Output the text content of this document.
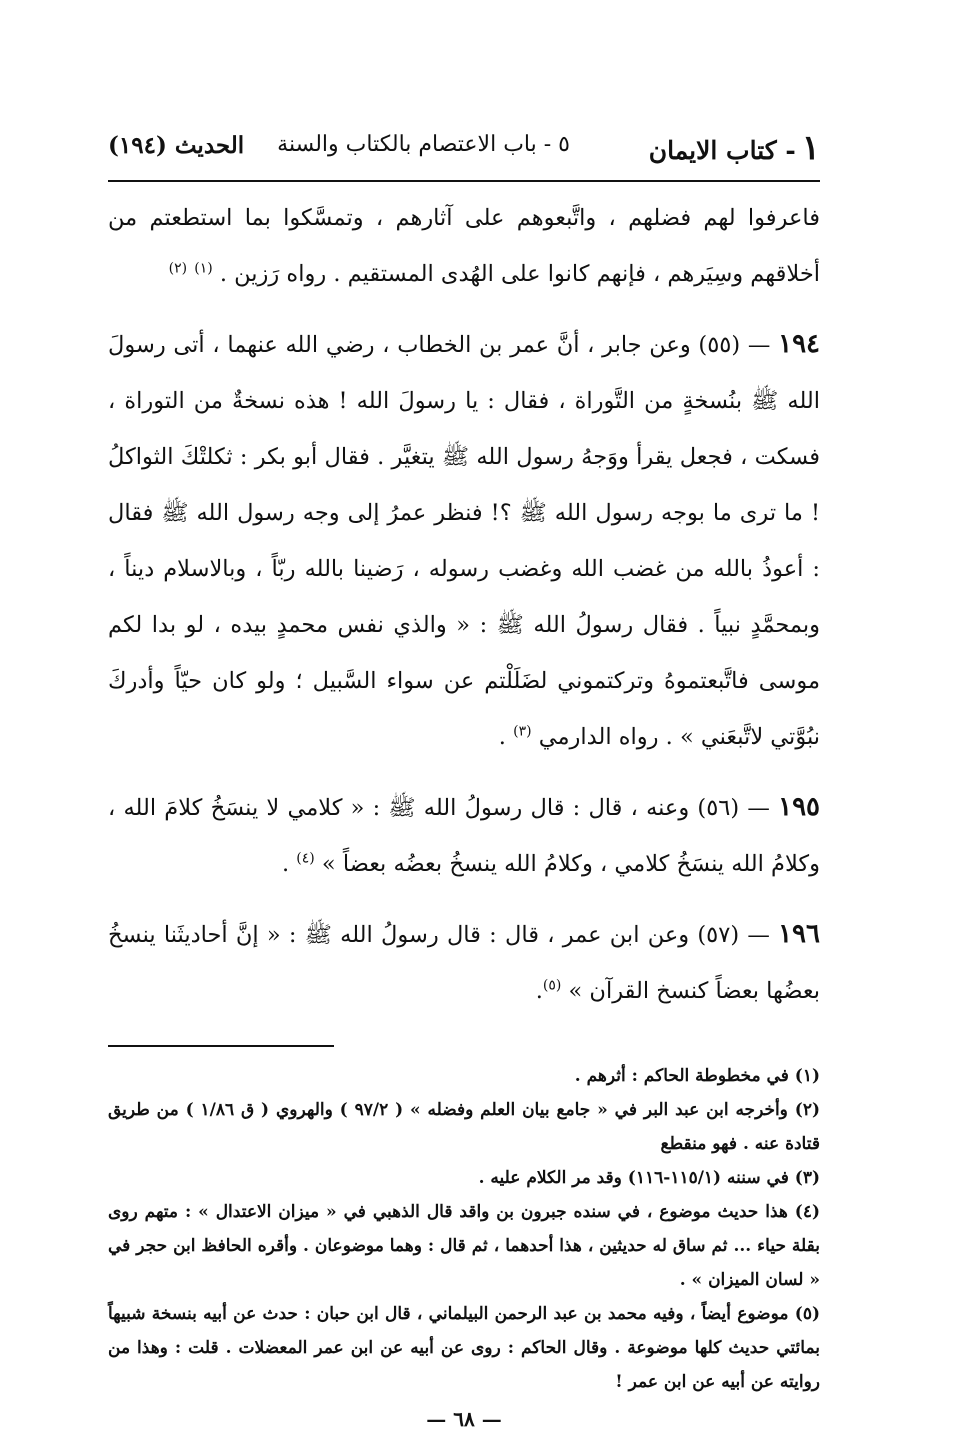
١- كتاب الايمان
٥ - باب الاعتصام بالكتاب والسنة
الحديث (١٩٤)

فاعرفوا لهم فضلهم ، واتَّبعوهم على آثارهم ، وتمسَّكوا بما استطعتم من أخلاقهم وسِيَرهم ، فإنهم كانوا على الهُدى المستقيم . رواه رَزين . $^{(١)}$ $^{(٢)}$

١٩٤ — (٥٥) وعن جابر ، أنَّ عمر بن الخطاب ، رضي الله عنهما ، أتى رسولَ الله ﷺ بنُسخةٍ من التَّوراة ، فقال : يا رسولَ الله ! هذه نسخةٌ من التوراة ، فسكت ، فجعل يقرأ ووَجهُ رسول الله ﷺ يتغيَّر . فقال أبو بكر : ثكلتْكَ الثواكلُ ! ما ترى ما بوجه رسول الله ﷺ ؟! فنظر عمرُ إلى وجه رسول الله ﷺ فقال : أعوذُ بالله من غضب الله وغضب رسوله ، رَضينا بالله ربّاً ، وبالاسلام ديناً ، وبمحمَّدٍ نبياً . فقال رسولُ الله ﷺ : « والذي نفس محمدٍ بيده ، لو بدا لكم موسى فاتَّبعتموهُ وتركتموني لضَلَلْتم عن سواء السَّبيل ؛ ولو كان حيّاً وأدركَ نبُوَّتي لاتَّبعَني » . رواه الدارمي $^{(٣)}$ .

١٩٥ — (٥٦) وعنه ، قال : قال رسولُ الله ﷺ : « كلامي لا ينسَخُ كلامَ الله ، وكلامُ الله ينسَخُ كلامي ، وكلامُ الله ينسخُ بعضُه بعضاً » $^{(٤)}$ .

١٩٦ — (٥٧) وعن ابن عمر ، قال : قال رسولُ الله ﷺ : « إنَّ أحاديثَنا ينسخُ بعضُها بعضاً كنسخ القرآن » $^{(٥)}$.

(١) في مخطوطة الحاكم : أثرهم .

(٢) وأخرجه ابن عبد البر في « جامع بيان العلم وفضله » ( ٩٧/٢ ) والهروي ( ق ١/٨٦ ) من طريق قتادة عنه . فهو منقطع

(٣) في سننه (١١٥/١-١١٦) وقد مر الكلام عليه .

(٤) هذا حديث موضوع ، في سنده جبرون بن واقد قال الذهبي في « ميزان الاعتدال » : متهم روى بقلة حياء ... ثم ساق له حديثين ، هذا أحدهما ، ثم قال : وهما موضوعان . وأقره الحافظ ابن حجر في « لسان الميزان » .

(٥) موضوع أيضاً ، وفيه محمد بن عبد الرحمن البيلماني ، قال ابن حبان : حدث عن أبيه بنسخة شبيهاً بمائتي حديث كلها موضوعة . وقال الحاكم : روى عن أبيه عن ابن عمر المعضلات . قلت : وهذا من روايته عن أبيه عن ابن عمر !

— ٦٨ —
